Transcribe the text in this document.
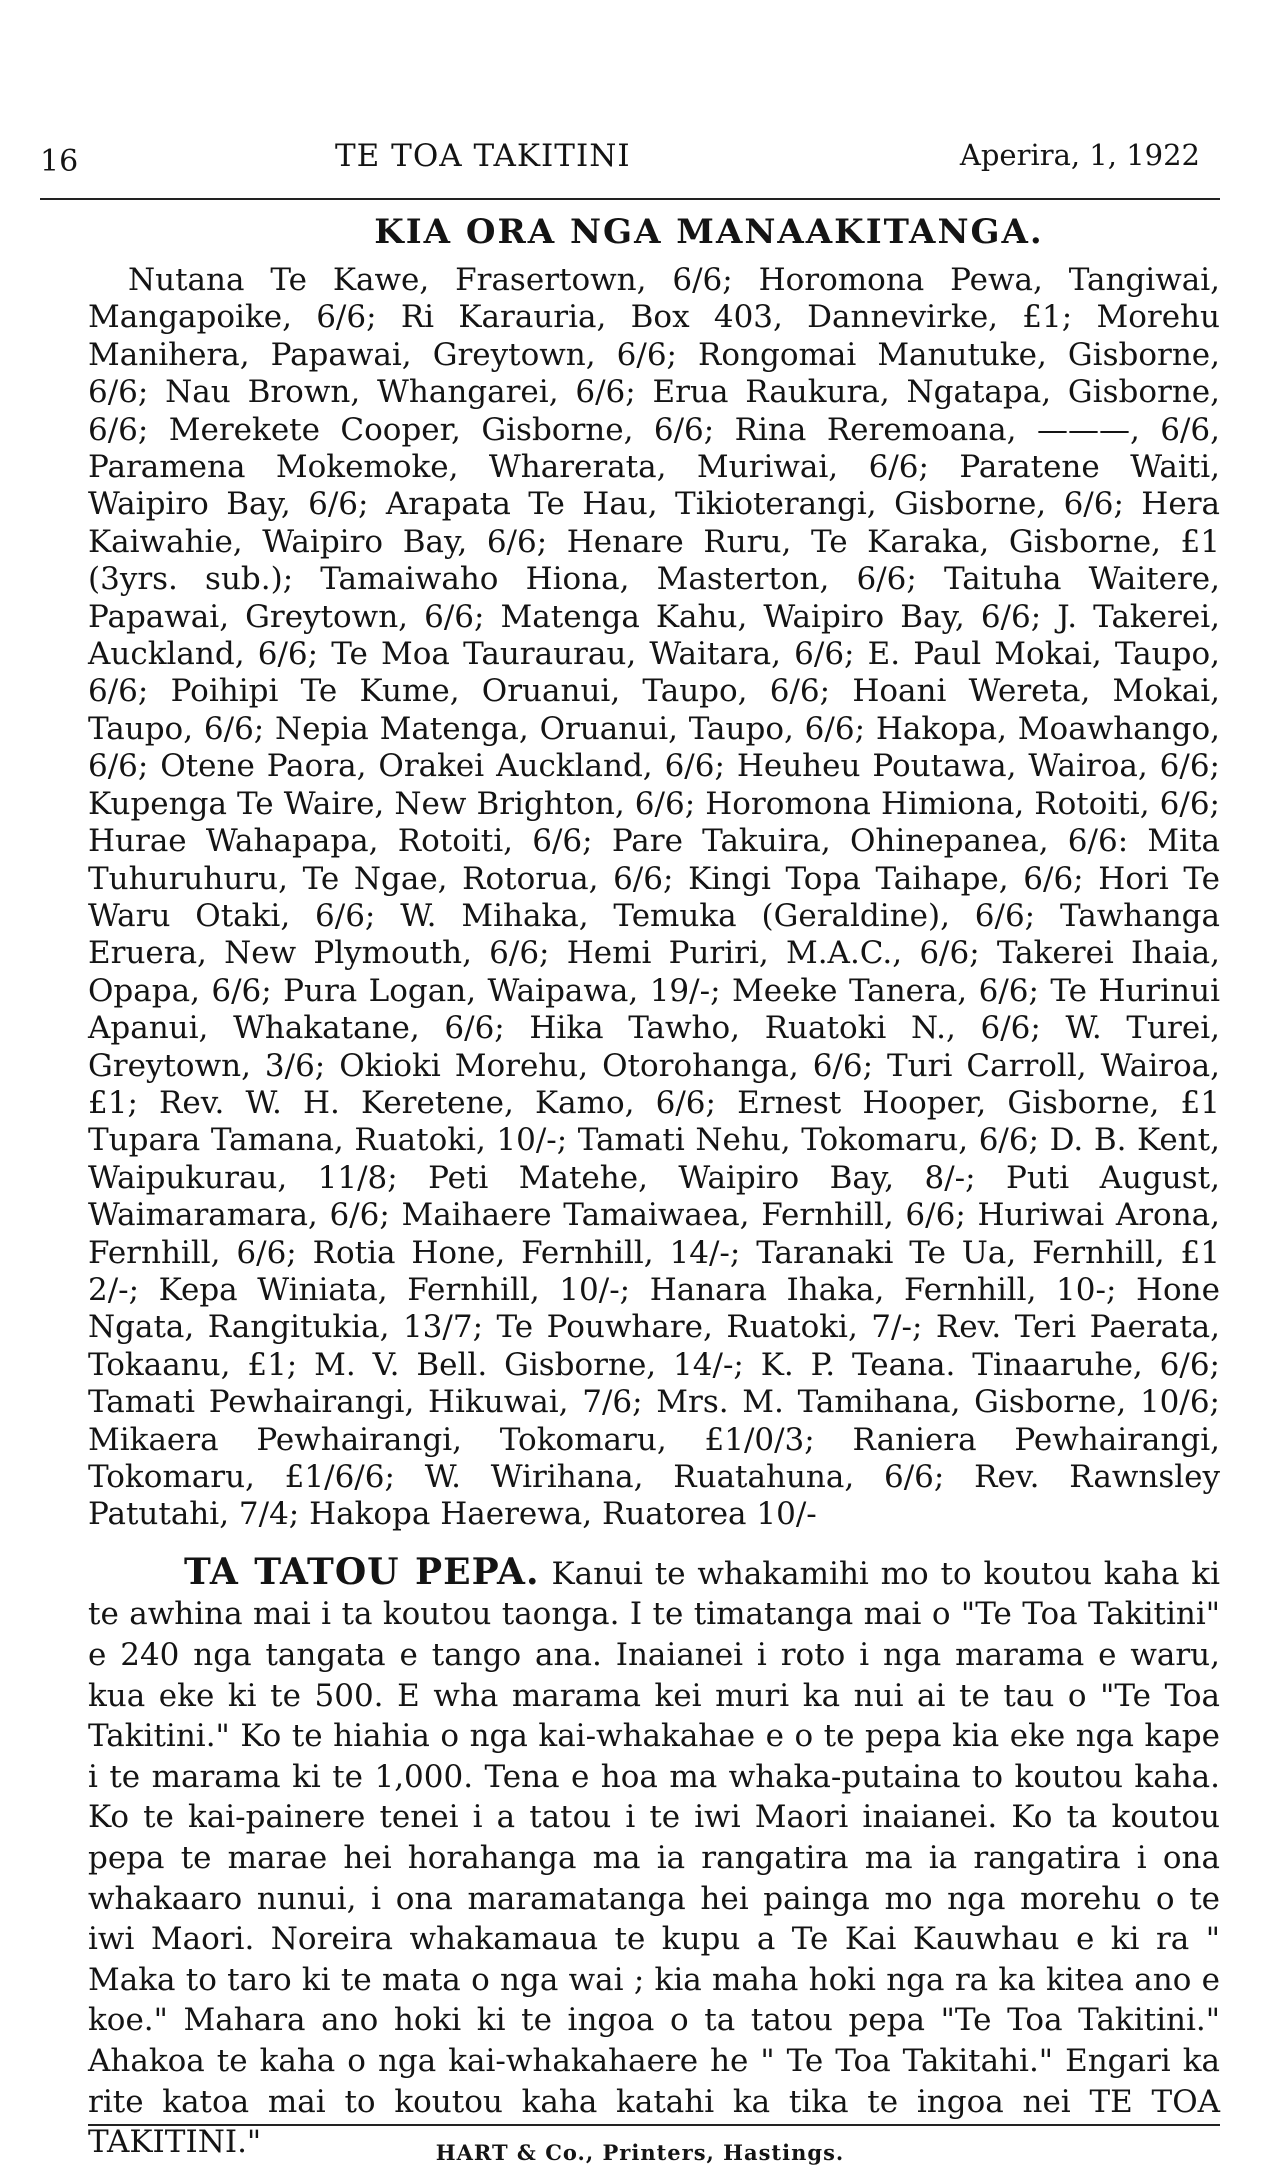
16	TE TOA TAKITINI	Aperira, 1, 1922
KIA ORA NGA MANAAKITANGA.

Nutana Te Kawe, Frasertown, 6/6; Horomona Pewa, Tangiwai, Mangapoike, 6/6; Ri Karauria, Box 403, Dannevirke, £1; Morehu Manihera, Papawai, Greytown, 6/6; Rongomai Manutuke, Gisborne, 6/6; Nau Brown, Whangarei, 6/6; Erua Raukura, Ngatapa, Gisborne, 6/6; Merekete Cooper, Gisborne, 6/6; Rina Reremoana, ———, 6/6, Paramena Mokemoke, Wharerata, Muriwai, 6/6; Paratene Waiti, Waipiro Bay, 6/6; Arapata Te Hau, Tikioterangi, Gisborne, 6/6; Hera Kaiwahie, Waipiro Bay, 6/6; Henare Ruru, Te Karaka, Gisborne, £1 (3yrs. sub.); Tamaiwaho Hiona, Masterton, 6/6; Taituha Waitere, Papawai, Greytown, 6/6; Matenga Kahu, Waipiro Bay, 6/6; J. Takerei, Auckland, 6/6; Te Moa Tauraurau, Waitara, 6/6; E. Paul Mokai, Taupo, 6/6; Poihipi Te Kume, Oruanui, Taupo, 6/6; Hoani Wereta, Mokai, Taupo, 6/6; Nepia Matenga, Oruanui, Taupo, 6/6; Hakopa, Moawhango, 6/6; Otene Paora, Orakei Auckland, 6/6; Heuheu Poutawa, Wairoa, 6/6; Kupenga Te Waire, New Brighton, 6/6; Horomona Himiona, Rotoiti, 6/6; Hurae Wahapapa, Rotoiti, 6/6; Pare Takuira, Ohinepanea, 6/6: Mita Tuhuruhuru, Te Ngae, Rotorua, 6/6; Kingi Topa Taihape, 6/6; Hori Te Waru Otaki, 6/6; W. Mihaka, Temuka (Geraldine), 6/6; Tawhanga Eruera, New Plymouth, 6/6; Hemi Puriri, M.A.C., 6/6; Takerei Ihaia, Opapa, 6/6; Pura Logan, Waipawa, 19/-; Meeke Tanera, 6/6; Te Hurinui Apanui, Whakatane, 6/6; Hika Tawho, Ruatoki N., 6/6; W. Turei, Greytown, 3/6; Okioki Morehu, Otorohanga, 6/6; Turi Carroll, Wairoa, £1; Rev. W. H. Keretene, Kamo, 6/6; Ernest Hooper, Gisborne, £1 Tupara Tamana, Ruatoki, 10/-; Tamati Nehu, Tokomaru, 6/6; D. B. Kent, Waipukurau, 11/8; Peti Matehe, Waipiro Bay, 8/-; Puti August, Waimaramara, 6/6; Maihaere Tamaiwaea, Fernhill, 6/6; Huriwai Arona, Fernhill, 6/6; Rotia Hone, Fernhill, 14/-; Taranaki Te Ua, Fernhill, £1 2/-; Kepa Winiata, Fernhill, 10/-; Hanara Ihaka, Fernhill, 10-; Hone Ngata, Rangitukia, 13/7; Te Pouwhare, Ruatoki, 7/-; Rev. Teri Paerata, Tokaanu, £1; M. V. Bell. Gisborne, 14/-; K. P. Teana. Tinaaruhe, 6/6; Tamati Pewhairangi, Hikuwai, 7/6; Mrs. M. Tamihana, Gisborne, 10/6; Mikaera Pewhairangi, Tokomaru, £1/0/3; Raniera Pewhairangi, Tokomaru, £1/6/6; W. Wirihana, Ruatahuna, 6/6; Rev. Rawnsley Patutahi, 7/4; Hakopa Haerewa, Ruatorea 10/-

TA TATOU PEPA. Kanui te whakamihi mo to koutou kaha ki te awhina mai i ta koutou taonga. I te timatanga mai o "Te Toa Takitini" e 240 nga tangata e tango ana. Inaianei i roto i nga marama e waru, kua eke ki te 500. E wha marama kei muri ka nui ai te tau o "Te Toa Takitini." Ko te hiahia o nga kai-whakahae e o te pepa kia eke nga kape i te marama ki te 1,000. Tena e hoa ma whaka-putaina to koutou kaha. Ko te kai-painere tenei i a tatou i te iwi Maori inaianei. Ko ta koutou pepa te marae hei horahanga ma ia rangatira ma ia rangatira i ona whakaaro nunui, i ona maramatanga hei painga mo nga morehu o te iwi Maori. Noreira whakamaua te kupu a Te Kai Kauwhau e ki ra " Maka to taro ki te mata o nga wai ; kia maha hoki nga ra ka kitea ano e koe." Mahara ano hoki ki te ingoa o ta tatou pepa "Te Toa Takitini." Ahakoa te kaha o nga kai-whakahaere he " Te Toa Takitahi." Engari ka rite katoa mai to koutou kaha katahi ka tika te ingoa nei TE TOA TAKITINI."	HART & Co., Printers, Hastings.
